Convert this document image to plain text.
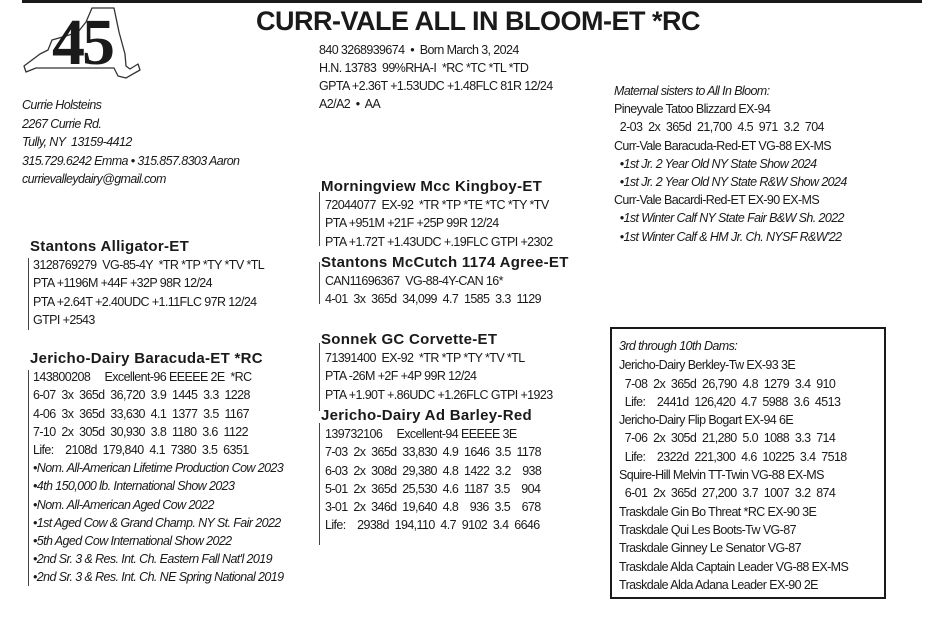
45	CURR-VALE ALL IN BLOOM-ET *RC
840 3268939674  •  Born March 3, 2024
H.N. 13783  99%RHA-I  *RC *TC *TL *TD
GPTA +2.36T +1.53UDC +1.48FLC 81R 12/24
A2/A2  •  AA
Currie Holsteins
2267 Currie Rd.
Tully, NY  13159-4412
315.729.6242 Emma • 315.857.8303 Aaron
currievalleydairy@gmail.com
Maternal sisters to All In Bloom:
Pineyvale Tatoo Blizzard EX-94
2-03  2x  365d  21,700  4.5  971  3.2  704
Curr-Vale Baracuda-Red-ET VG-88 EX-MS
•1st Jr. 2 Year Old NY State Show 2024
•1st Jr. 2 Year Old NY State R&W Show 2024
Curr-Vale Bacardi-Red-ET EX-90 EX-MS
•1st Winter Calf NY State Fair B&W Sh. 2022
•1st Winter Calf & HM Jr. Ch. NYSF R&W'22
Stantons Alligator-ET
3128769279  VG-85-4Y  *TR *TP *TY *TV *TL
PTA +1196M +44F +32P 98R 12/24
PTA +2.64T +2.40UDC +1.11FLC 97R 12/24
GTPI +2543
Jericho-Dairy Baracuda-ET *RC
143800208     Excellent-96 EEEEE 2E  *RC
6-07  3x  365d  36,720  3.9  1445  3.3  1228
4-06  3x  365d  33,630  4.1  1377  3.5  1167
7-10  2x  305d  30,930  3.8  1180  3.6  1122
Life:    2108d  179,840  4.1  7380  3.5  6351
•Nom. All-American Lifetime Production Cow 2023
•4th 150,000 lb. International Show 2023
•Nom. All-American Aged Cow 2022
•1st Aged Cow & Grand Champ. NY St. Fair 2022
•5th Aged Cow International Show 2022
•2nd Sr. 3 & Res. Int. Ch. Eastern Fall Nat'l 2019
•2nd Sr. 3 & Res. Int. Ch. NE Spring National 2019
Morningview Mcc Kingboy-ET
72044077  EX-92  *TR *TP *TE *TC *TY *TV
PTA +951M +21F +25P 99R 12/24
PTA +1.72T +1.43UDC +.19FLC GTPI +2302
Stantons McCutch 1174 Agree-ET
CAN11696367  VG-88-4Y-CAN 16*
4-01  3x  365d  34,099  4.7  1585  3.3  1129
Sonnek GC Corvette-ET
71391400  EX-92  *TR *TP *TY *TV *TL
PTA -26M +2F +4P 99R 12/24
PTA +1.90T +.86UDC +1.26FLC GTPI +1923
Jericho-Dairy Ad Barley-Red
139732106     Excellent-94 EEEEE 3E
7-03  2x  365d  33,830  4.9  1646  3.5  1178
6-03  2x  308d  29,380  4.8  1422  3.2    938
5-01  2x  365d  25,530  4.6  1187  3.5    904
3-01  2x  346d  19,640  4.8    936  3.5    678
Life:    2938d  194,110  4.7  9102  3.4  6646
3rd through 10th Dams:
Jericho-Dairy Berkley-Tw EX-93 3E
7-08  2x  365d  26,790  4.8  1279  3.4  910
Life:    2441d  126,420  4.7  5988  3.6  4513
Jericho-Dairy Flip Bogart EX-94 6E
7-06  2x  305d  21,280  5.0  1088  3.3  714
Life:    2322d  221,300  4.6  10225  3.4  7518
Squire-Hill Melvin TT-Twin VG-88 EX-MS
6-01  2x  365d  27,200  3.7  1007  3.2  874
Traskdale Gin Bo Threat *RC EX-90 3E
Traskdale Qui Les Boots-Tw VG-87
Traskdale Ginney Le Senator VG-87
Traskdale Alda Captain Leader VG-88 EX-MS
Traskdale Alda Adana Leader EX-90 2E
